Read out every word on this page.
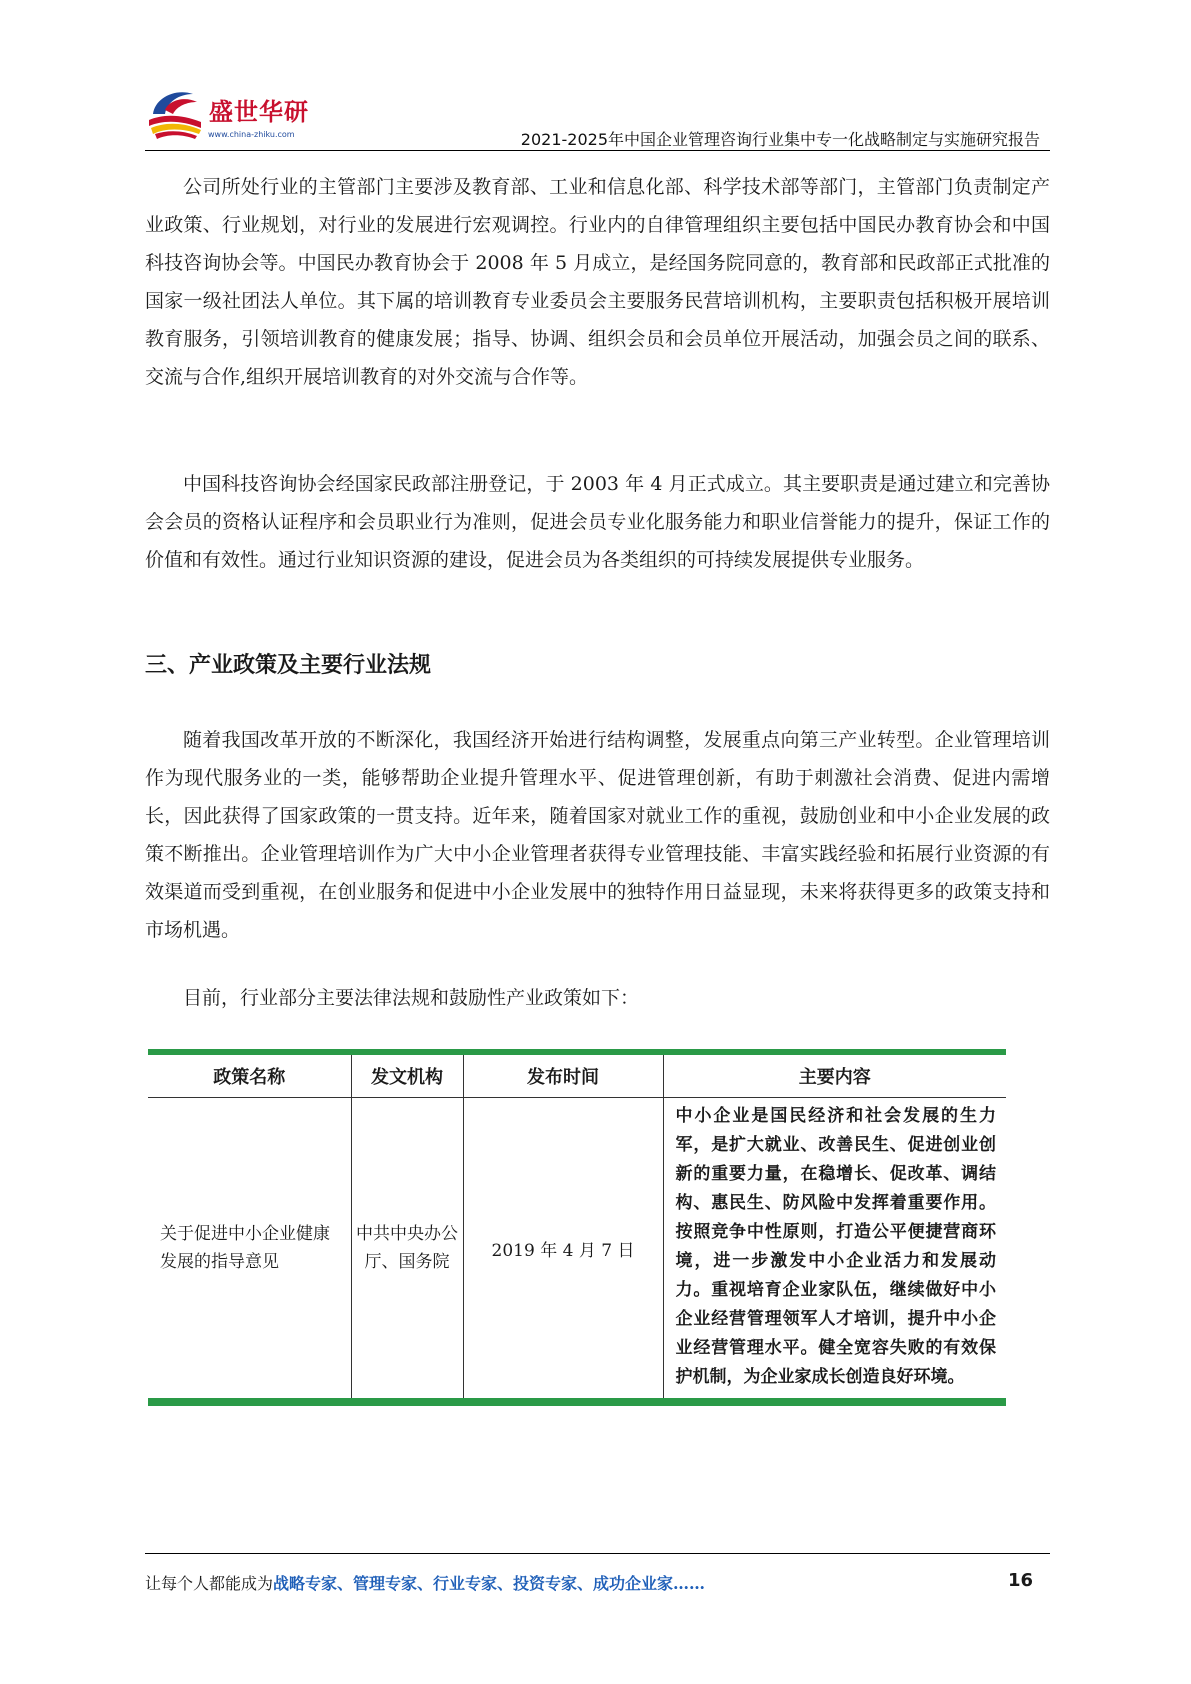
盛世华研
www.china-zhiku.com	2021-2025年中国企业管理咨询行业集中专一化战略制定与实施研究报告

公司所处行业的主管部门主要涉及教育部、工业和信息化部、科学技术部等部门，主管部门负责制定产业政策、行业规划，对行业的发展进行宏观调控。行业内的自律管理组织主要包括中国民办教育协会和中国科技咨询协会等。中国民办教育协会于 2008 年 5 月成立，是经国务院同意的，教育部和民政部正式批准的国家一级社团法人单位。其下属的培训教育专业委员会主要服务民营培训机构，主要职责包括积极开展培训教育服务，引领培训教育的健康发展；指导、协调、组织会员和会员单位开展活动，加强会员之间的联系、交流与合作,组织开展培训教育的对外交流与合作等。

中国科技咨询协会经国家民政部注册登记，于 2003 年 4 月正式成立。其主要职责是通过建立和完善协会会员的资格认证程序和会员职业行为准则，促进会员专业化服务能力和职业信誉能力的提升，保证工作的价值和有效性。通过行业知识资源的建设，促进会员为各类组织的可持续发展提供专业服务。

三、产业政策及主要行业法规

随着我国改革开放的不断深化，我国经济开始进行结构调整，发展重点向第三产业转型。企业管理培训作为现代服务业的一类，能够帮助企业提升管理水平、促进管理创新，有助于刺激社会消费、促进内需增长，因此获得了国家政策的一贯支持。近年来，随着国家对就业工作的重视，鼓励创业和中小企业发展的政策不断推出。企业管理培训作为广大中小企业管理者获得专业管理技能、丰富实践经验和拓展行业资源的有效渠道而受到重视，在创业服务和促进中小企业发展中的独特作用日益显现，未来将获得更多的政策支持和市场机遇。

目前，行业部分主要法律法规和鼓励性产业政策如下：

政策名称	发文机构	发布时间	主要内容
关于促进中小企业健康发展的指导意见	中共中央办公厅、国务院	2019 年 4 月 7 日	中小企业是国民经济和社会发展的生力军，是扩大就业、改善民生、促进创业创新的重要力量，在稳增长、促改革、调结构、惠民生、防风险中发挥着重要作用。按照竞争中性原则，打造公平便捷营商环境，进一步激发中小企业活力和发展动力。重视培育企业家队伍，继续做好中小企业经营管理领军人才培训，提升中小企业经营管理水平。健全宽容失败的有效保护机制，为企业家成长创造良好环境。
让每个人都能成为战略专家、管理专家、行业专家、投资专家、成功企业家……	16
